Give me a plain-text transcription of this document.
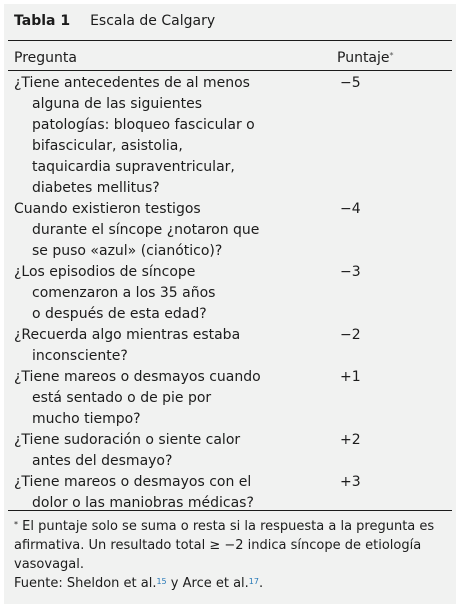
Tabla 1 Escala de Calgary
Pregunta	Puntaje*
¿Tiene antecedentes de al menos
alguna de las siguientes
patologías: bloqueo fascicular o
bifascicular, asistolia,
taquicardia supraventricular,
diabetes mellitus?
−5
Cuando existieron testigos
durante el síncope ¿notaron que
se puso «azul» (cianótico)?
−4
¿Los episodios de síncope
comenzaron a los 35 años
o después de esta edad?
−3
¿Recuerda algo mientras estaba
inconsciente?
−2
¿Tiene mareos o desmayos cuando
está sentado o de pie por
mucho tiempo?
+1
¿Tiene sudoración o siente calor
antes del desmayo?
+2
¿Tiene mareos o desmayos con el
dolor o las maniobras médicas?
+3

* El puntaje solo se suma o resta si la respuesta a la pregunta es afirmativa. Un resultado total ≥ −2 indica síncope de etiología vasovagal.

Fuente: Sheldon et al.$^{15}$ y Arce et al.$^{17}$.
